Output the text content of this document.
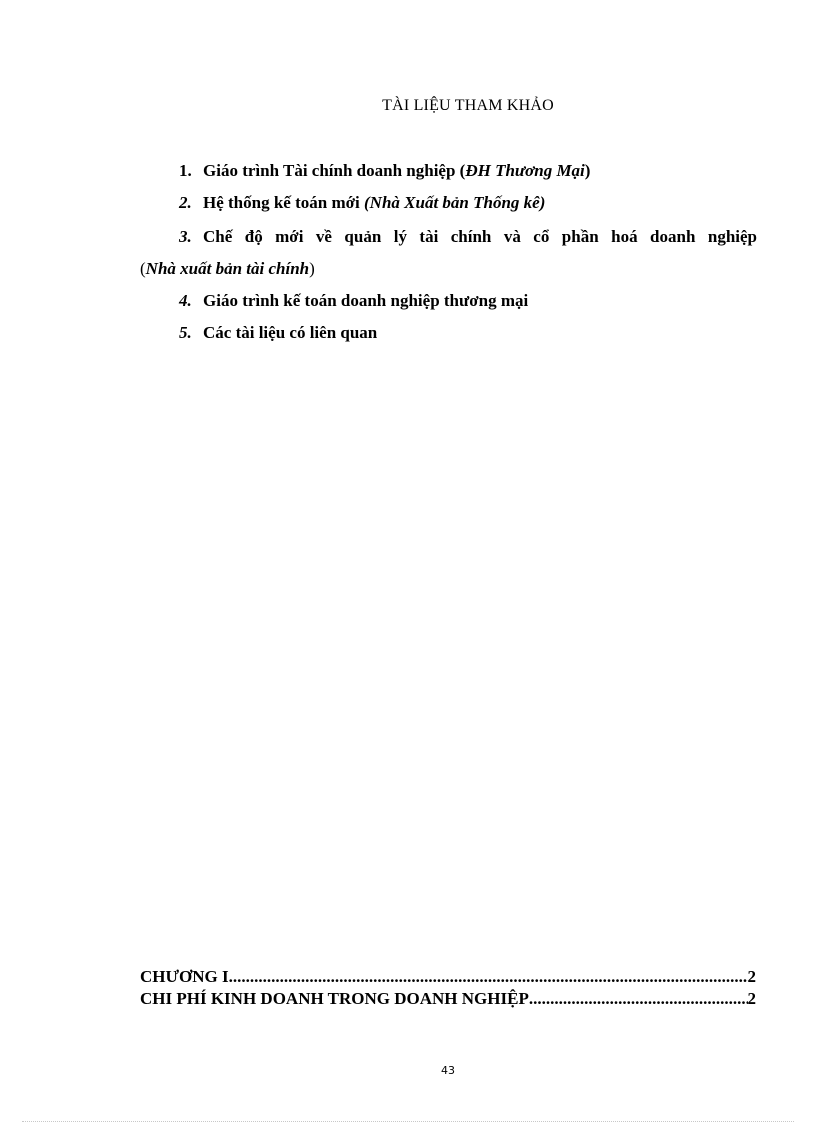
TÀI LIỆU THAM KHẢO
1. Giáo trình Tài chính doanh nghiệp (ĐH Thương Mại)
2. Hệ thống kế toán mới (Nhà Xuất bản Thống kê)
3. Chế độ mới về quản lý tài chính và cổ phần hoá doanh nghiệp
(Nhà xuất bản tài chính)
4. Giáo trình kế toán doanh nghiệp thương mại
5. Các tài liệu có liên quan
CHƯƠNG I .....	2
CHI PHÍ KINH DOANH TRONG DOANH NGHIỆP .....	2
43
